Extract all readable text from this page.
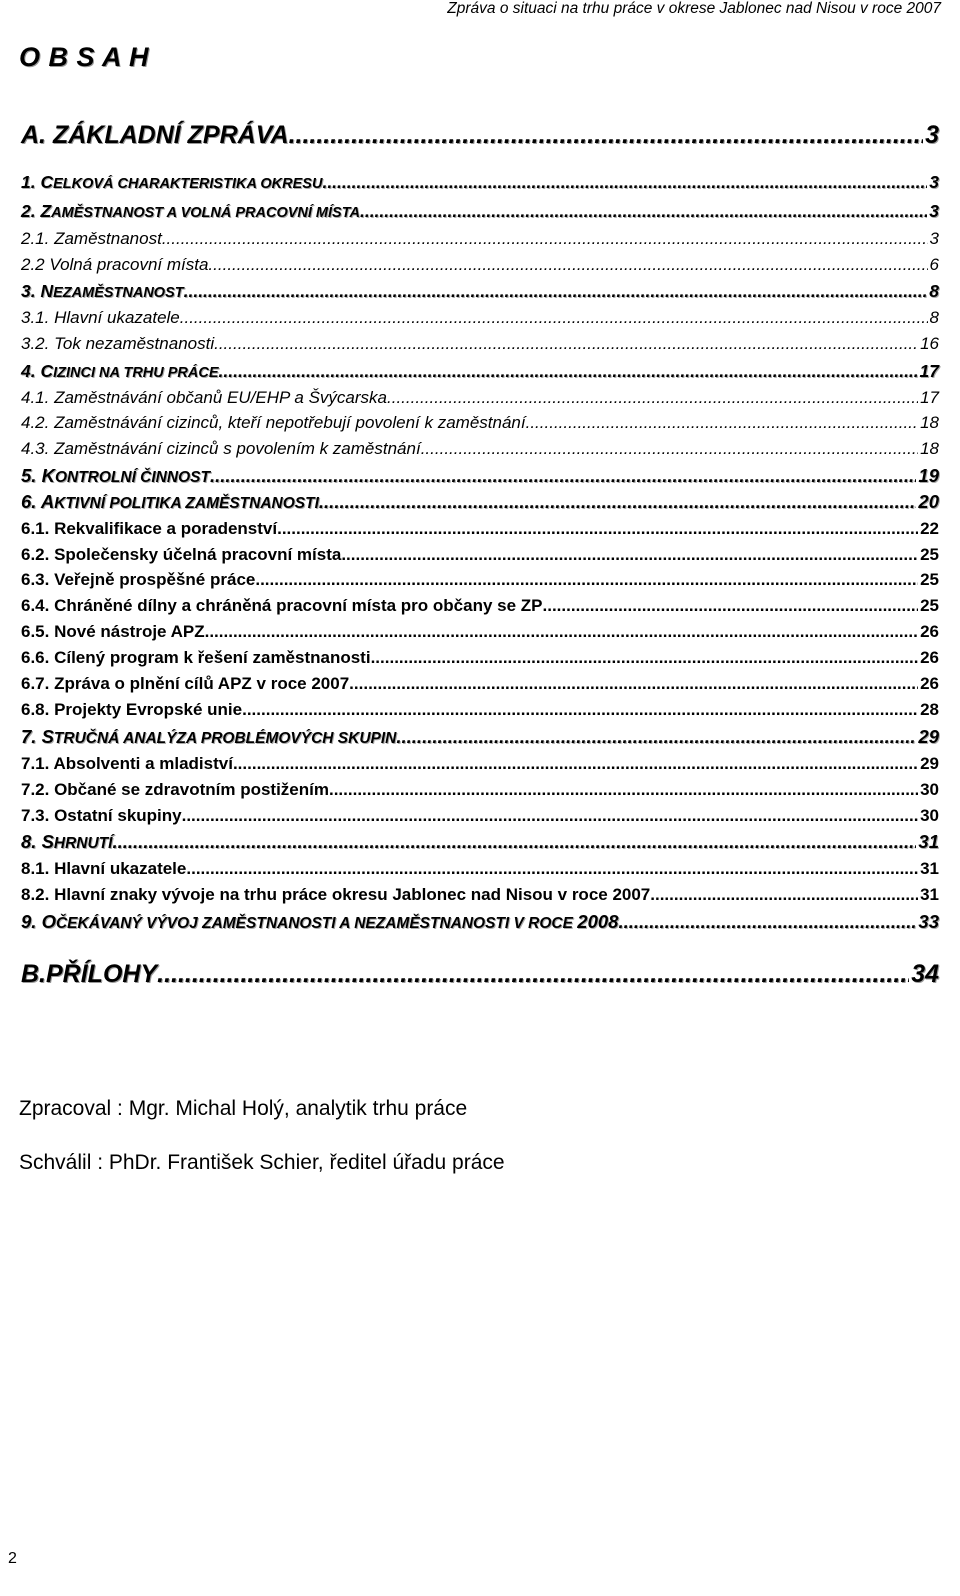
Zpráva o situaci na trhu práce v okrese Jablonec nad Nisou v roce 2007
O B S A H
A. ZÁKLADNÍ ZPRÁVA .....	3
1. CELKOVÁ CHARAKTERISTIKA OKRESU .....	3
2. ZAMĚSTNANOST A VOLNÁ PRACOVNÍ MÍSTA .....	3
2.1. Zaměstnanost .....	3
2.2 Volná pracovní místa .....	6
3. NEZAMĚSTNANOST .....	8
3.1. Hlavní ukazatele .....	8
3.2. Tok nezaměstnanosti .....	16
4. CIZINCI NA TRHU PRÁCE .....	17
4.1. Zaměstnávání občanů EU/EHP a Švýcarska .....	17
4.2. Zaměstnávání cizinců, kteří nepotřebují povolení k zaměstnání .....	18
4.3. Zaměstnávání cizinců s povolením k zaměstnání .....	18
5. KONTROLNÍ ČINNOST .....	19
6. AKTIVNÍ POLITIKA ZAMĚSTNANOSTI .....	20
6.1. Rekvalifikace a poradenství .....	22
6.2. Společensky účelná pracovní místa .....	25
6.3. Veřejně prospěšné práce .....	25
6.4. Chráněné dílny a chráněná pracovní místa pro občany se ZP .....	25
6.5. Nové nástroje APZ .....	26
6.6. Cílený program k řešení zaměstnanosti .....	26
6.7. Zpráva o plnění cílů APZ v roce 2007 .....	26
6.8. Projekty Evropské unie .....	28
7. STRUČNÁ ANALÝZA PROBLÉMOVÝCH SKUPIN .....	29
7.1. Absolventi a mladiství .....	29
7.2. Občané se zdravotním postižením .....	30
7.3. Ostatní skupiny .....	30
8. SHRNUTÍ .....	31
8.1. Hlavní ukazatele .....	31
8.2. Hlavní znaky vývoje na trhu práce okresu Jablonec nad Nisou v roce 2007 .....	31
9. OČEKÁVANÝ VÝVOJ ZAMĚSTNANOSTI A NEZAMĚSTNANOSTI V ROCE 2008 .....	33
B.PŘÍLOHY .....	34
Zpracoval : Mgr. Michal Holý, analytik trhu práce
Schválil : PhDr. František Schier, ředitel úřadu práce
2
